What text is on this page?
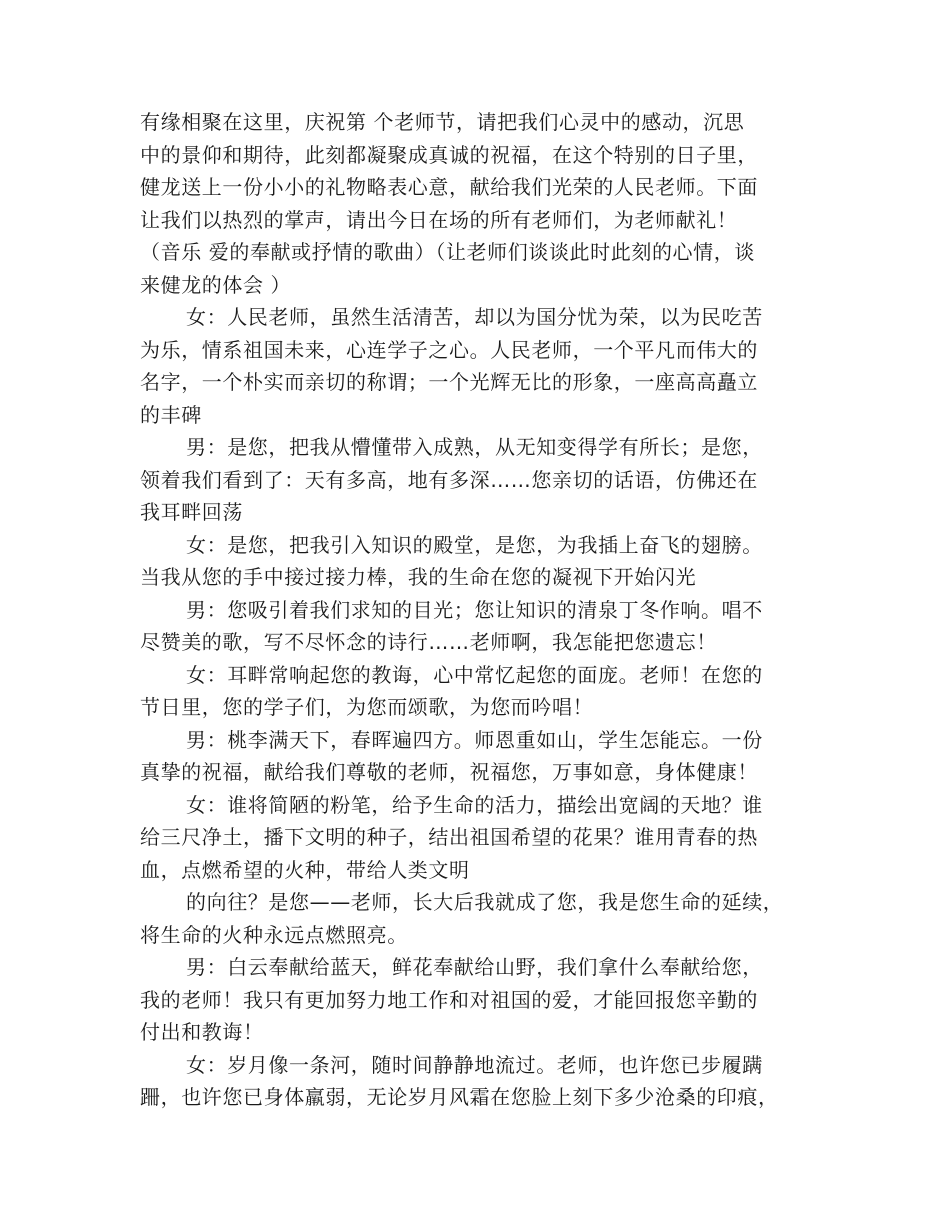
有缘相聚在这里，庆祝第 个老师节，请把我们心灵中的感动，沉思
中的景仰和期待，此刻都凝聚成真诚的祝福，在这个特别的日子里，
健龙送上一份小小的礼物略表心意，献给我们光荣的人民老师。下面
让我们以热烈的掌声，请出今日在场的所有老师们，为老师献礼！
（音乐 爱的奉献或抒情的歌曲）（让老师们谈谈此时此刻的心情，谈
来健龙的体会 ）
女：人民老师，虽然生活清苦，却以为国分忧为荣，以为民吃苦
为乐，情系祖国未来，心连学子之心。人民老师，一个平凡而伟大的
名字，一个朴实而亲切的称谓；一个光辉无比的形象，一座高高矗立
的丰碑
男：是您，把我从懵懂带入成熟，从无知变得学有所长；是您，
领着我们看到了：天有多高，地有多深……您亲切的话语，仿佛还在
我耳畔回荡
女：是您，把我引入知识的殿堂，是您，为我插上奋飞的翅膀。
当我从您的手中接过接力棒，我的生命在您的凝视下开始闪光
男：您吸引着我们求知的目光；您让知识的清泉丁冬作响。唱不
尽赞美的歌，写不尽怀念的诗行……老师啊，我怎能把您遗忘！
女：耳畔常响起您的教诲，心中常忆起您的面庞。老师！在您的
节日里，您的学子们，为您而颂歌，为您而吟唱！
男：桃李满天下，春晖遍四方。师恩重如山，学生怎能忘。一份
真挚的祝福，献给我们尊敬的老师，祝福您，万事如意，身体健康！
女：谁将简陋的粉笔，给予生命的活力，描绘出宽阔的天地？谁
给三尺净土，播下文明的种子，结出祖国希望的花果？谁用青春的热
血，点燃希望的火种，带给人类文明
的向往？是您——老师，长大后我就成了您，我是您生命的延续，
将生命的火种永远点燃照亮。
男：白云奉献给蓝天，鲜花奉献给山野，我们拿什么奉献给您，
我的老师！我只有更加努力地工作和对祖国的爱，才能回报您辛勤的
付出和教诲！
女：岁月像一条河，随时间静静地流过。老师，也许您已步履蹒
跚，也许您已身体羸弱，无论岁月风霜在您脸上刻下多少沧桑的印痕，
